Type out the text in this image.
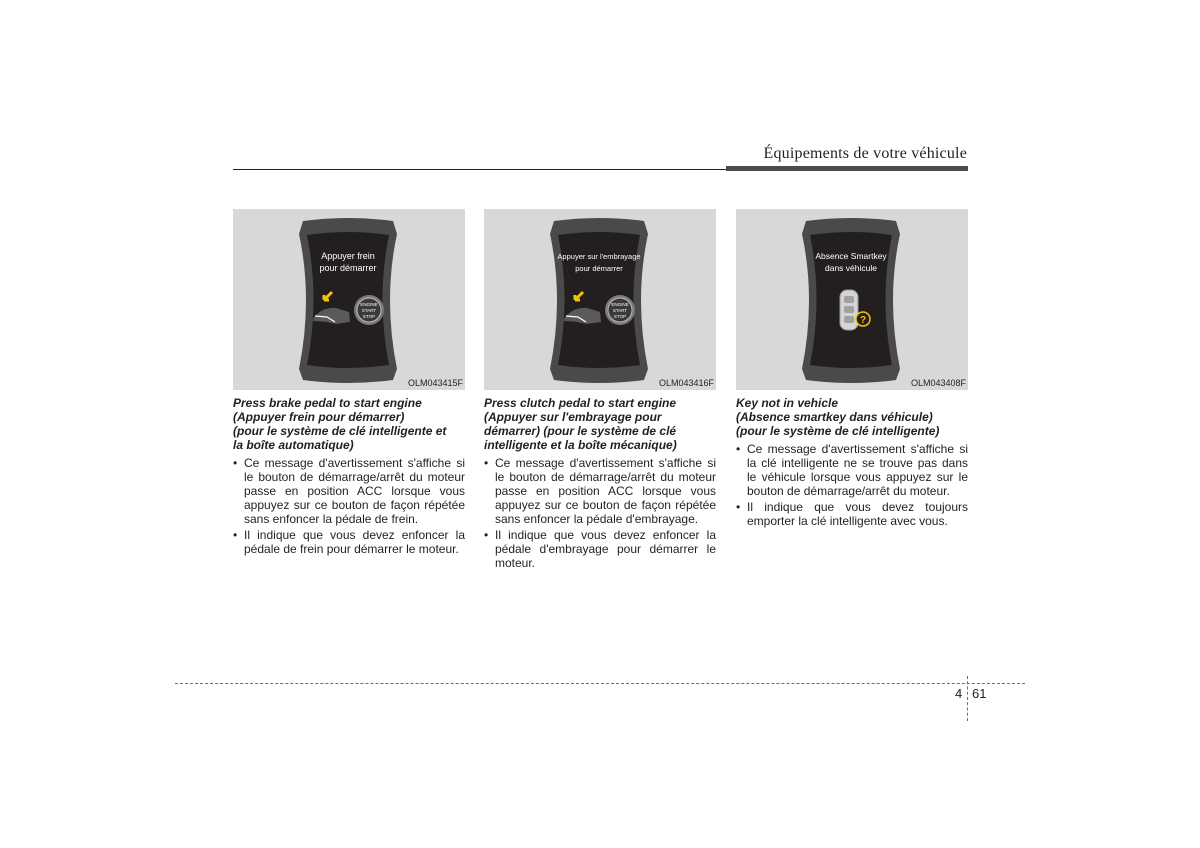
Équipements de votre véhicule
Appuyer frein
pour démarrer
ENGINE
START
STOP
OLM043415F
Press brake pedal to start engine
(Appuyer frein pour démarrer)
(pour le système de clé intelligente et
la boîte automatique)
• Ce message d'avertissement s'affiche si le bouton de démarrage/arrêt du moteur passe en position ACC lorsque vous appuyez sur ce bouton de façon répétée sans enfoncer la pédale de frein.
• Il indique que vous devez enfoncer la pédale de frein pour démarrer le moteur.
Appuyer sur l'embrayage
pour démarrer
ENGINE
START
STOP
OLM043416F
Press clutch pedal to start engine
(Appuyer sur l'embrayage pour
démarrer) (pour le système de clé
intelligente et la boîte mécanique)
• Ce message d'avertissement s'affiche si le bouton de démarrage/arrêt du moteur passe en position ACC lorsque vous appuyez sur ce bouton de façon répétée sans enfoncer la pédale d'embrayage.
• Il indique que vous devez enfoncer la pédale d'embrayage pour démarrer le moteur.
Absence Smartkey
dans véhicule
?
OLM043408F
Key not in vehicle
(Absence smartkey dans véhicule)
(pour le système de clé intelligente)
• Ce message d'avertissement s'affiche si la clé intelligente ne se trouve pas dans le véhicule lorsque vous appuyez sur le bouton de démarrage/arrêt du moteur.
• Il indique que vous devez toujours emporter la clé intelligente avec vous.
4 61
